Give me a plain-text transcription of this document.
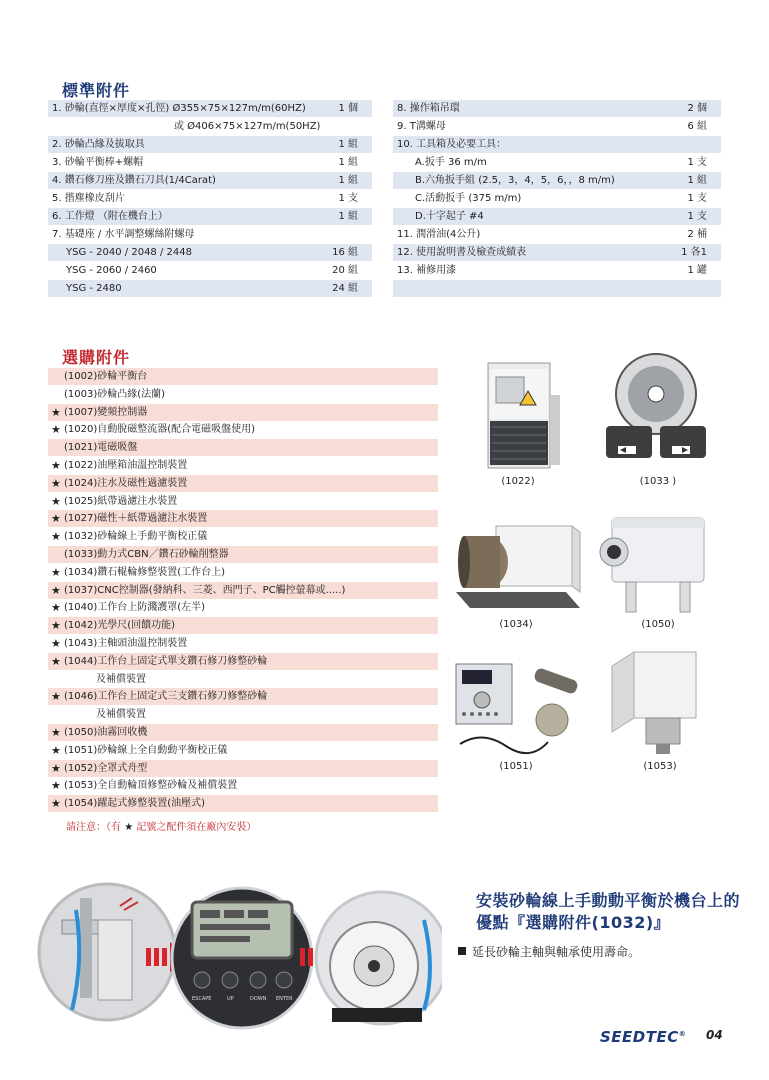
標準附件
1. 砂輪(直徑×厚度×孔徑) Ø355×75×127m/m(60HZ)	1 個
或 Ø406×75×127m/m(50HZ)
2. 砂輪凸緣及拔取具	1 組
3. 砂輪平衡棒+螺帽	1 組
4. 鑽石修刀座及鑽石刀具(1/4Carat)	1 組
5. 揩塵橡皮刮片	1 支
6. 工作燈 （附在機台上）	1 組
7. 基礎座 / 水平調整螺絲附螺母
YSG - 2040 / 2048 / 2448	16 組
YSG - 2060 / 2460	20 組
YSG - 2480	24 組
8. 操作箱吊環	2 個
9. T溝螺母	6 組
10. 工具箱及必要工具：
A.扳手 36 m/m	1 支
B.六角扳手組 (2.5，3，4，5，6，，8 m/m)	1 組
C.活動扳手 (375 m/m)	1 支
D.十字起子 #4	1 支
11. 潤滑油(4公升)	2 桶
12. 使用說明書及檢查成績表	1 各1
13. 補修用漆	1 罐
選購附件
(1002)砂輪平衡台
(1003)砂輪凸緣(法蘭)
★ (1007)變頻控制器
★ (1020)自動脫磁整流器(配合電磁吸盤使用)
(1021)電磁吸盤
★ (1022)油壓箱油溫控制裝置
★ (1024)注水及磁性過濾裝置
★ (1025)紙帶過濾注水裝置
★ (1027)磁性＋紙帶過濾注水裝置
★ (1032)砂輪線上手動平衡校正儀
(1033)動力式CBN／鑽石砂輪削整器
★ (1034)鑽石輥輪修整裝置(工作台上)
★ (1037)CNC控制器(發納科、三菱、西門子、PC觸控螢幕或.....)
★ (1040)工作台上防濺護罩(左半)
★ (1042)光學尺(回饋功能)
★ (1043)主軸頭油溫控制裝置
★ (1044)工作台上固定式單支鑽石修刀修整砂輪
及補償裝置
★ (1046)工作台上固定式三支鑽石修刀修整砂輪
及補償裝置
★ (1050)油霧回收機
★ (1051)砂輪線上全自動動平衡校正儀
★ (1052)全罩式舟型
★ (1053)全自動輪頂修整砂輪及補償裝置
★ (1054)躍起式修整裝置(油壓式)
請注意：（有 ★ 記號之配件須在廠內安裝）
(1022)	(1033 )
(1034)	(1050)
(1051)	(1053)
ESCAPE	UP	DOWN ENTER
安裝砂輪線上手動動平衡於機台上的優點『選購附件(1032)』
延長砂輪主軸與軸承使用壽命。
SEEDTEC® 04
